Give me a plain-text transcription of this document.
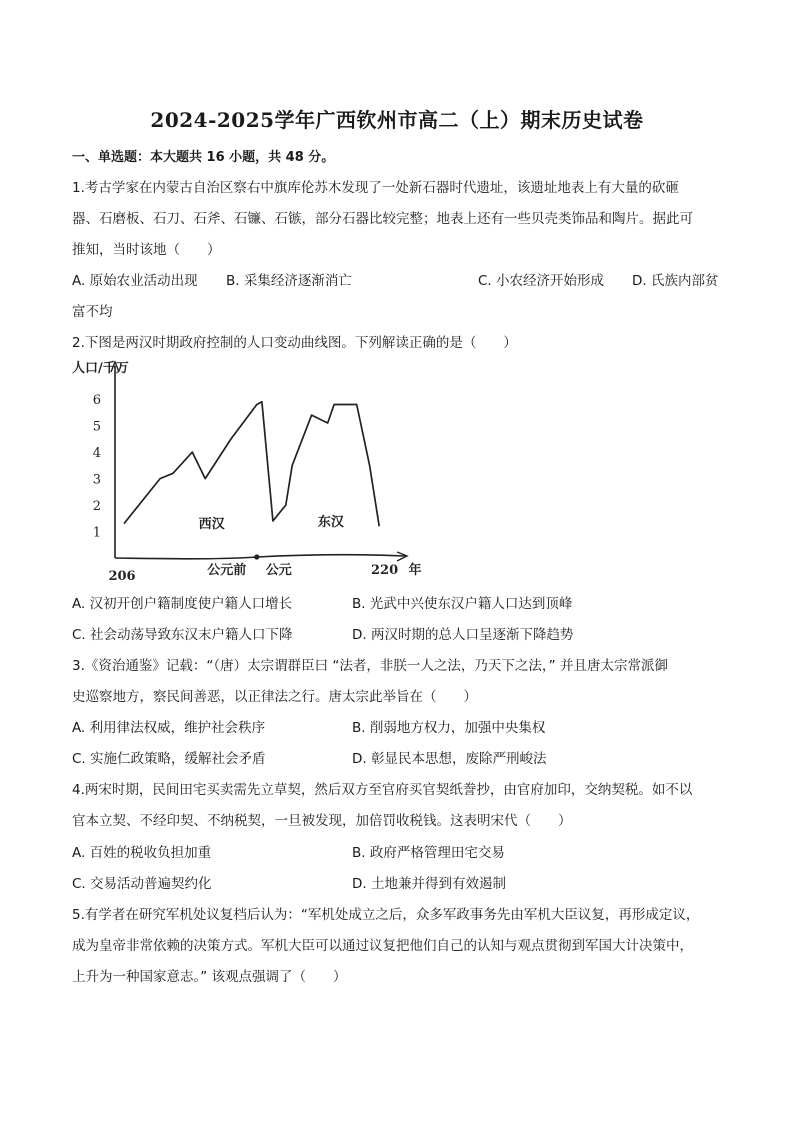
2024-2025学年广西钦州市高二（上）期末历史试卷
一、单选题：本大题共 16 小题，共 48 分。
1.考古学家在内蒙古自治区察右中旗库伦苏木发现了一处新石器时代遗址，该遗址地表上有大量的砍砸
器、石磨板、石刀、石斧、石镰、石镞，部分石器比较完整；地表上还有一些贝壳类饰品和陶片。据此可
推知，当时该地（　　）
A. 原始农业活动出现 B. 采集经济逐渐消亡	C. 小农经济开始形成 D. 氏族内部贫
富不均
2.下图是两汉时期政府控制的人口变动曲线图。下列解读正确的是（　　）
人口/千万
1
2
3
4
5
6
206	公元前 公元	220 年
西汉	东汉
A. 汉初开创户籍制度使户籍人口增长	B. 光武中兴使东汉户籍人口达到顶峰
C. 社会动荡导致东汉末户籍人口下降	D. 两汉时期的总人口呈逐渐下降趋势
3.《资治通鉴》记载：“（唐）太宗谓群臣曰 “法者，非朕一人之法，乃天下之法，” 并且唐太宗常派御
史巡察地方，察民间善恶，以正律法之行。唐太宗此举旨在（　　）
A. 利用律法权威，维护社会秩序	B. 削弱地方权力，加强中央集权
C. 实施仁政策略，缓解社会矛盾	D. 彰显民本思想，废除严刑峻法
4.两宋时期，民间田宅买卖需先立草契，然后双方至官府买官契纸誊抄，由官府加印，交纳契税。如不以
官本立契、不经印契、不纳税契，一旦被发现，加倍罚收税钱。这表明宋代（　　）
A. 百姓的税收负担加重	B. 政府严格管理田宅交易
C. 交易活动普遍契约化	D. 土地兼并得到有效遏制
5.有学者在研究军机处议复档后认为：“军机处成立之后，众多军政事务先由军机大臣议复，再形成定议，
成为皇帝非常依赖的决策方式。军机大臣可以通过议复把他们自己的认知与观点贯彻到军国大计决策中，
上升为一种国家意志。” 该观点强调了（　　）
